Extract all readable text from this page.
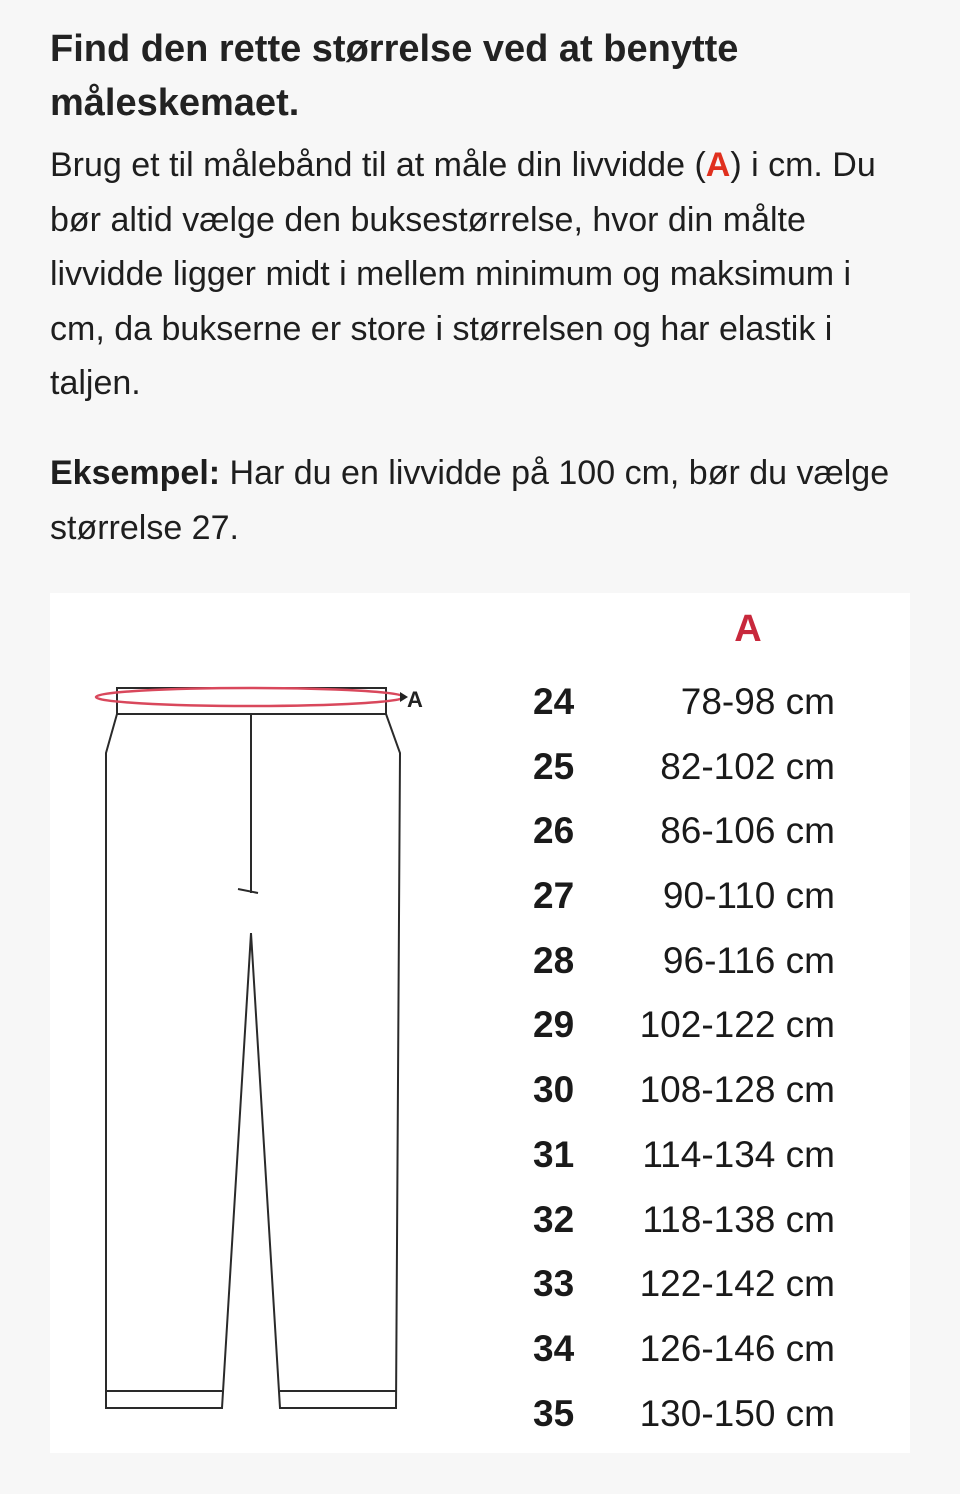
Find den rette størrelse ved at benytte måleskemaet.

Brug et til målebånd til at måle din livvidde (A) i cm. Du bør altid vælge den buksestørrelse, hvor din målte livvidde ligger midt i mellem minimum og maksimum i cm, da bukserne er store i størrelsen og har elastik i taljen.

Eksempel: Har du en livvidde på 100 cm, bør du vælge størrelse 27.

A
A
24	78-98 cm
25 82-102 cm
26 86-106 cm
27 90-110 cm
28 96-116 cm
29 102-122 cm
30 108-128 cm
31 114-134 cm
32 118-138 cm
33 122-142 cm
34 126-146 cm
35 130-150 cm
